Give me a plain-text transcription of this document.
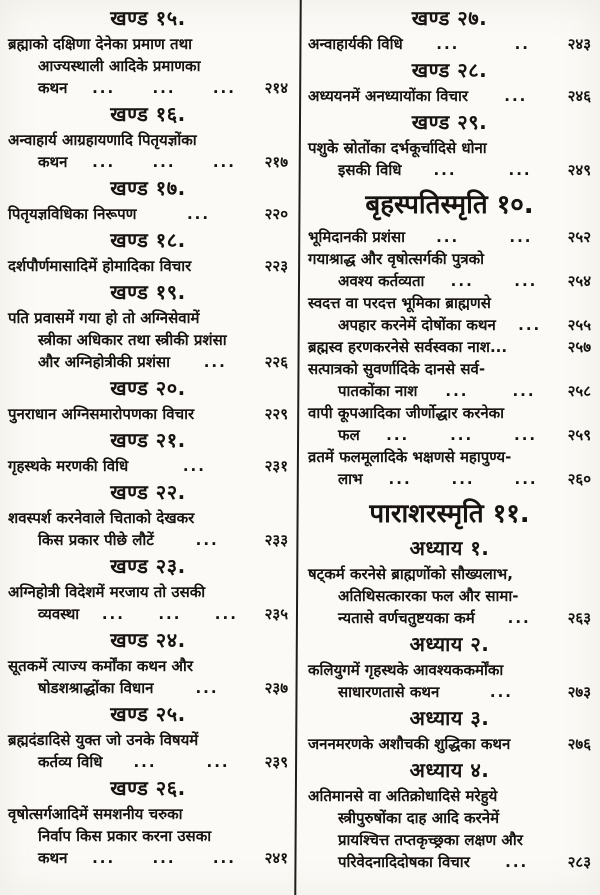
खण्ड १५.
ब्रह्माको दक्षिणा देनेका प्रमाण तथा
आज्यस्थाली आदिके प्रमाणका
कथन ... ... ... २१४
खण्ड १६.
अन्वाहार्य आग्रहायणादि पितृयज्ञोंका
कथन ... ... ... २१७
खण्ड १७.
पितृयज्ञविधिका निरूपण	...	२२०
खण्ड १८.
दर्शपौर्णमासादिमें होमादिका विचार	२२३
खण्ड १९.
पति प्रवासमें गया हो तो अग्निसेवामें
स्त्रीका अधिकार तथा स्त्रीकी प्रशंसा
और अग्निहोत्रीकी प्रशंसा ...	२२६
खण्ड २०.
पुनराधान अग्निसमारोपणका विचार	२२९
खण्ड २१.
गृहस्थके मरणकी विधि	...	२३१
खण्ड २२.
शवस्पर्श करनेवाले चिताको देखकर
किस प्रकार पीछे लौटें	...	२३३
खण्ड २३.
अग्निहोत्री विदेशमें मरजाय तो उसकी
व्यवस्था ... ... ... २३५
खण्ड २४.
सूतकमें त्याज्य कर्मोंका कथन और
षोडशश्राद्धोंका विधान	...	२३७
खण्ड २५.
ब्रह्मदंडादिसे युक्त जो उनके विषयमें
कर्तव्य विधि ...	... २३९
खण्ड २६.
वृषोत्सर्गआदिमें समशनीय चरुका
निर्वाप किस प्रकार करना उसका
कथन ... ... ... २४१
खण्ड २७.
अन्वाहार्यकी विधि ...	..	२४३
खण्ड २८.
अध्ययनमें अनध्यायोंका विचार ...	२४६
खण्ड २९.
पशुके स्रोतोंका दर्भकूर्चादिसे धोना
इसकी विधि ...	... २४९
बृहस्पतिस्मृति १०.
भूमिदानकी प्रशंसा ...	... २५२
गयाश्राद्ध और वृषोत्सर्गकी पुत्रको
अवश्य कर्तव्यता ...	... २५४
स्वदत्त वा परदत्त भूमिका ब्राह्मणसे
अपहार करनेमें दोषोंका कथन ... २५५
ब्रह्मस्व हरणकरनेसे सर्वस्वका नाश...	२५७
सत्पात्रको सुवर्णादिके दानसे सर्व-
पातकोंका नाश ...	... २५८
वापी कूपआदिका जीर्णोद्धार करनेका
फल ...	...	... २५९
व्रतमें फलमूलादिके भक्षणसे महापुण्य-
लाभ ...	...	... २६०
पाराशरस्मृति ११.
अध्याय १.
षट्कर्म करनेसे ब्राह्मणोंको सौख्यलाभ,
अतिथिसत्कारका फल और सामा-
न्यतासे वर्णचतुष्टयका कर्म ... २६३
अध्याय २.
कलियुगमें गृहस्थके आवश्यककर्मोंका
साधारणतासे कथन	...	२७३
अध्याय ३.
जननमरणके अशौचकी शुद्धिका कथन	२७६
अध्याय ४.
अतिमानसे वा अतिक्रोधादिसे मरेहुये
स्त्रीपुरुषोंका दाह आदि करनेमें
प्रायश्चित्त तप्तकृच्छ्रका लक्षण और
परिवेदनादिदोषका विचार ...	२८३
